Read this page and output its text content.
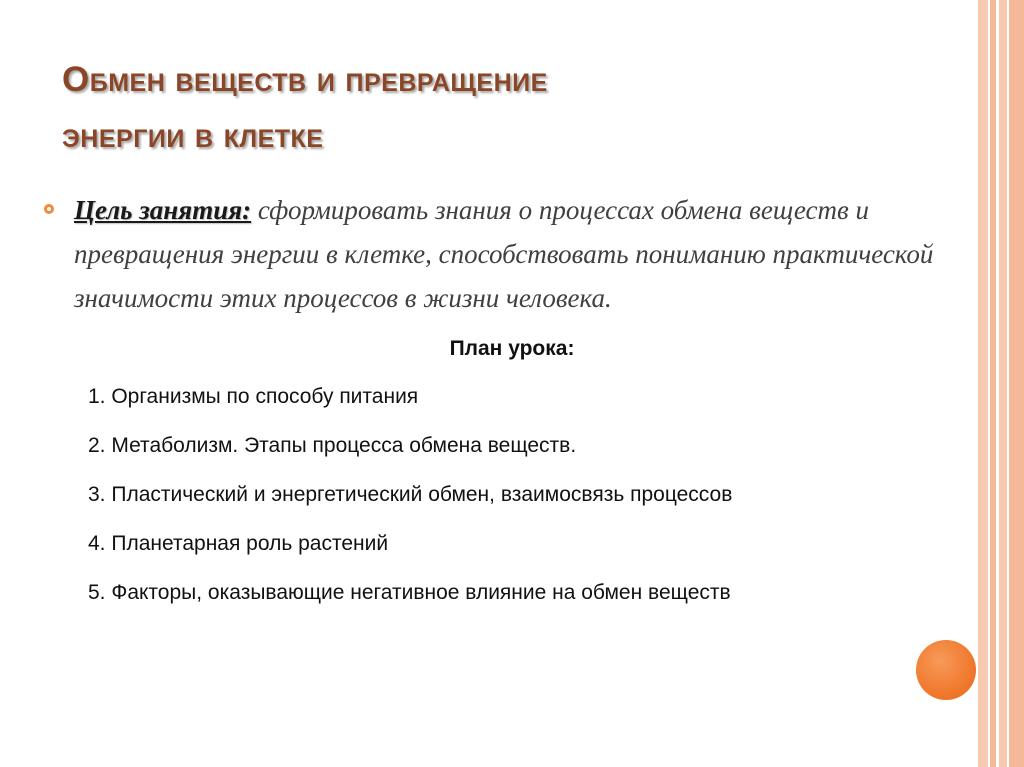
Обмен веществ и превращение
энергии в клетке
Цель занятия: сформировать знания о процессах обмена веществ и превращения энергии в клетке, способствовать пониманию практической значимости этих процессов в жизни человека.
План урока:
1. Организмы по способу питания
2. Метаболизм. Этапы процесса обмена веществ.
3. Пластический и энергетический обмен, взаимосвязь процессов
4. Планетарная роль растений
5. Факторы, оказывающие негативное влияние на обмен веществ
